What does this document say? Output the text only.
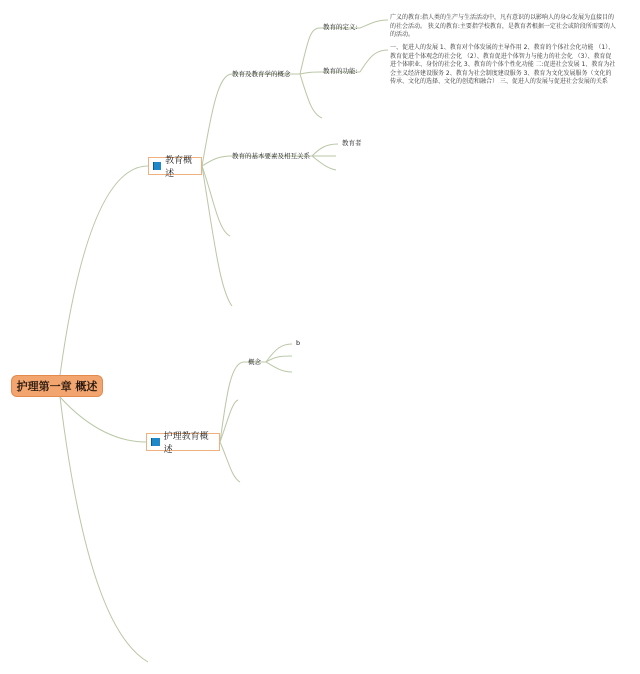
护理第一章 概述
教育概述
护理教育概述
教育及教育学的概念
教育的定义:
教育的功能:
广义的教育:指人类的生产与生活活动中，凡有意识的以影响人的身心发展为直接目的的社会活动。 狭义的教育:主要指学校教育，是教育者根据一定社会或阶段所需要的人的活动。
一、促进人的发展 1、教育对个体发展的主导作用 2、教育的个体社会化功能 （1）、教育促进个体观念的社会化 （2）、教育促进个体智力与能力的社会化 （3）、教育促进个体职业、身份的社会化 3、教育的个体个性化功能 二:促进社会发展 1、教育为社会主义经济建设服务 2、教育为社会制度建设服务 3、教育为文化发展服务（文化的传承、文化的选择、文化的创造和融合） 三、促进人的发展与促进社会发展的关系
教育的基本要素及相互关系
教育者
概念
b
